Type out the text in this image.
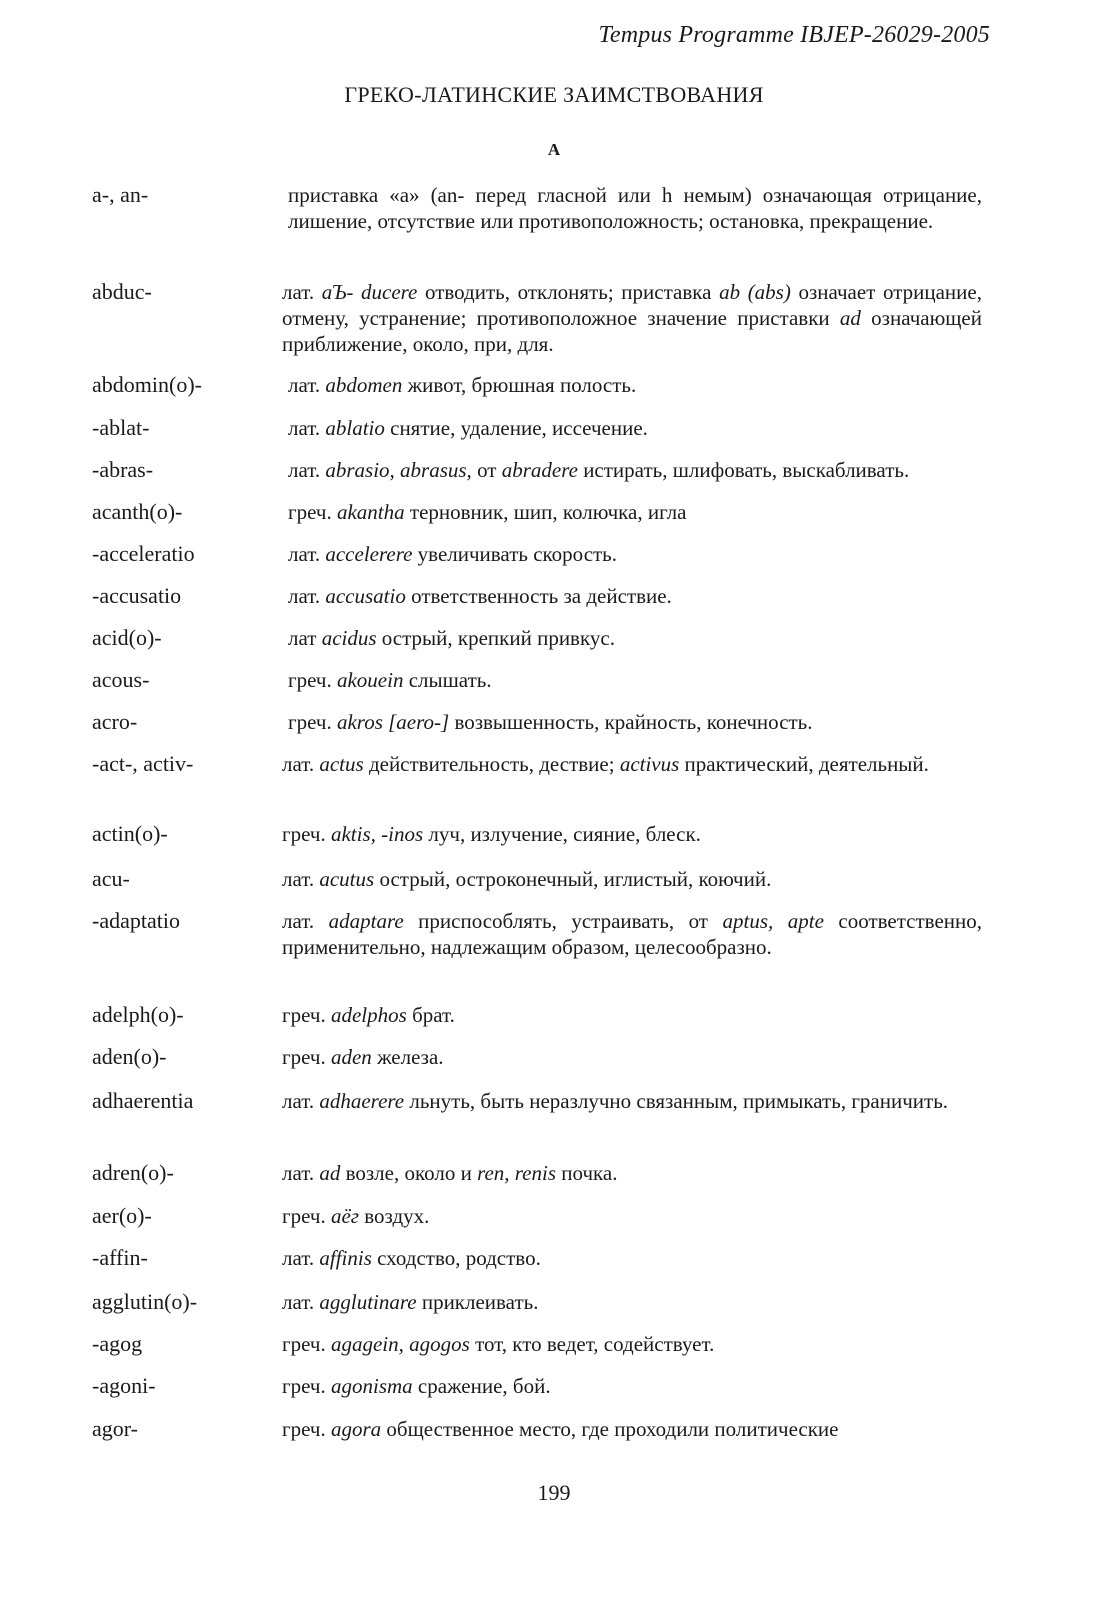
Tempus Programme IBJEP-26029-2005
ГРЕКО-ЛАТИНСКИЕ ЗАИМСТВОВАНИЯ
А
a-, an-	приставка «а» (an- перед гласной или h немым) означающая отрицание, лишение, отсутствие или противоположность; остановка, прекращение.
abduc-	лат. aЪ- ducere отводить, отклонять; приставка ab (abs) означает отрицание, отмену, устранение; противоположное значение приставки ad означающей приближение, около, при, для.
abdomin(o)-	лат. abdomen живот, брюшная полость.
-ablat-	лат. ablatio снятие, удаление, иссечение.
-abras-	лат. abrasio, abrasus, от abradere истирать, шлифовать, выскабливать.
acanth(o)-	греч. akantha терновник, шип, колючка, игла
-acceleratio	лат. accelerere увеличивать скорость.
-accusatio	лат. accusatio ответственность за действие.
acid(o)-	лат acidus острый, крепкий привкус.
acous-	греч. akouein слышать.
acro-	греч. akros [aero-] возвышенность, крайность, конечность.
-act-, activ-	лат. actus действительность, дествие; activus практический, деятельный.
actin(o)-	греч. aktis, -inos луч, излучение, сияние, блеск.
acu-	лат. acutus острый, остроконечный, иглистый, коючий.
-adaptatio	лат. adaptare приспособлять, устраивать, от aptus, apte соответственно, применительно, надлежащим образом, целесообразно.
adelph(o)-	греч. adelphos брат.
aden(o)-	греч. aden железа.
adhaerentia	лат. adhaerere льнуть, быть неразлучно связанным, примыкать, граничить.
adren(o)-	лат. ad возле, около и ren, renis почка.
aer(o)-	греч. аёг воздух.
-affin-	лат. affinis сходство, родство.
agglutin(o)-	лат. agglutinare приклеивать.
-agog	греч. agagein, agogos тот, кто ведет, содействует.
-agoni-	греч. agonisma сражение, бой.
agor-	греч. agora общественное место, где проходили политические
199
